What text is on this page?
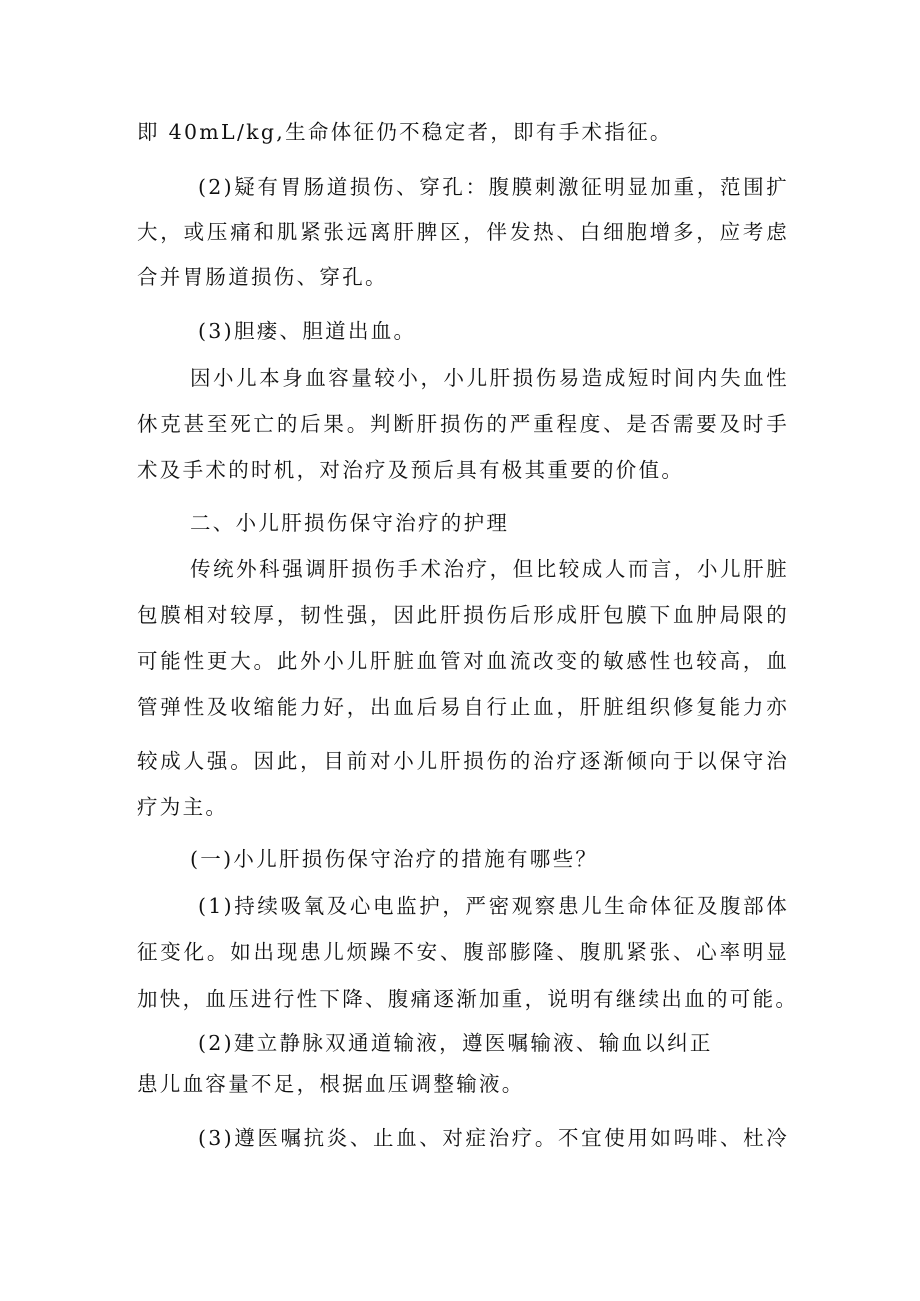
即 40mL/kg,生命体征仍不稳定者，即有手术指征。
(2)疑有胃肠道损伤、穿孔：腹膜刺激征明显加重，范围扩
大，或压痛和肌紧张远离肝脾区，伴发热、白细胞增多，应考虑
合并胃肠道损伤、穿孔。
(3)胆瘘、胆道出血。
因小儿本身血容量较小，小儿肝损伤易造成短时间内失血性
休克甚至死亡的后果。判断肝损伤的严重程度、是否需要及时手
术及手术的时机，对治疗及预后具有极其重要的价值。
二、小儿肝损伤保守治疗的护理
传统外科强调肝损伤手术治疗，但比较成人而言，小儿肝脏
包膜相对较厚，韧性强，因此肝损伤后形成肝包膜下血肿局限的
可能性更大。此外小儿肝脏血管对血流改变的敏感性也较高，血
管弹性及收缩能力好，出血后易自行止血，肝脏组织修复能力亦
较成人强。因此，目前对小儿肝损伤的治疗逐渐倾向于以保守治
疗为主。
(一)小儿肝损伤保守治疗的措施有哪些？
(1)持续吸氧及心电监护，严密观察患儿生命体征及腹部体
征变化。如出现患儿烦躁不安、腹部膨隆、腹肌紧张、心率明显
加快，血压进行性下降、腹痛逐渐加重，说明有继续出血的可能。
(2)建立静脉双通道输液，遵医嘱输液、输血以纠正
患儿血容量不足，根据血压调整输液。
(3)遵医嘱抗炎、止血、对症治疗。不宜使用如吗啡、杜冷
